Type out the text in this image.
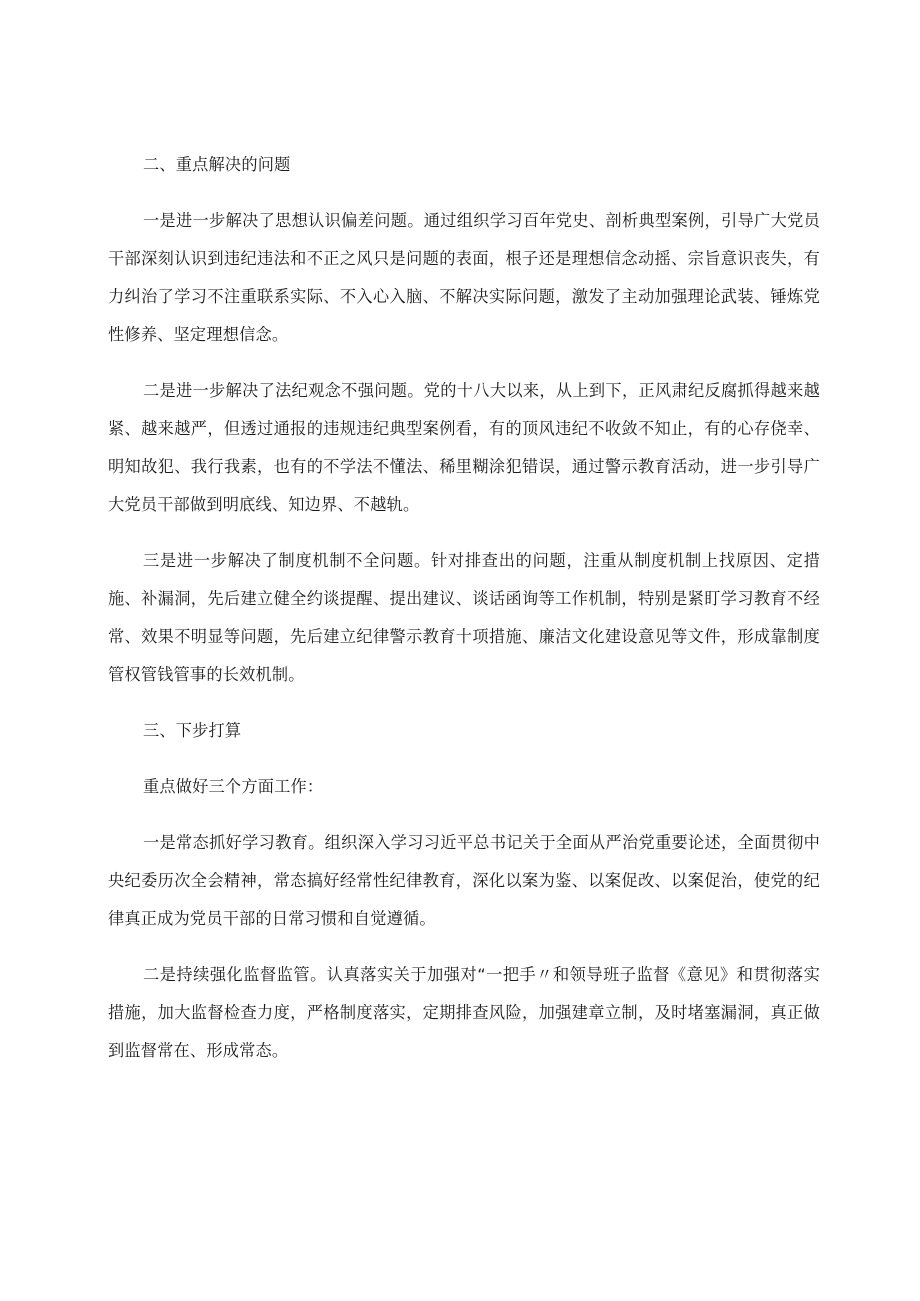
二、重点解决的问题

一是进一步解决了思想认识偏差问题。通过组织学习百年党史、剖析典型案例，引导广大党员干部深刻认识到违纪违法和不正之风只是问题的表面，根子还是理想信念动摇、宗旨意识丧失，有力纠治了学习不注重联系实际、不入心入脑、不解决实际问题，激发了主动加强理论武装、锤炼党性修养、坚定理想信念。

二是进一步解决了法纪观念不强问题。党的十八大以来，从上到下，正风肃纪反腐抓得越来越紧、越来越严，但透过通报的违规违纪典型案例看，有的顶风违纪不收敛不知止，有的心存侥幸、明知故犯、我行我素，也有的不学法不懂法、稀里糊涂犯错误，通过警示教育活动，进一步引导广大党员干部做到明底线、知边界、不越轨。

三是进一步解决了制度机制不全问题。针对排查出的问题，注重从制度机制上找原因、定措施、补漏洞，先后建立健全约谈提醒、提出建议、谈话函询等工作机制，特别是紧盯学习教育不经常、效果不明显等问题，先后建立纪律警示教育十项措施、廉洁文化建设意见等文件，形成靠制度管权管钱管事的长效机制。

三、下步打算

重点做好三个方面工作：

一是常态抓好学习教育。组织深入学习习近平总书记关于全面从严治党重要论述，全面贯彻中央纪委历次全会精神，常态搞好经常性纪律教育，深化以案为鉴、以案促改、以案促治，使党的纪律真正成为党员干部的日常习惯和自觉遵循。

二是持续强化监督监管。认真落实关于加强对“一把手〃和领导班子监督《意见》和贯彻落实措施，加大监督检查力度，严格制度落实，定期排查风险，加强建章立制，及时堵塞漏洞，真正做到监督常在、形成常态。
